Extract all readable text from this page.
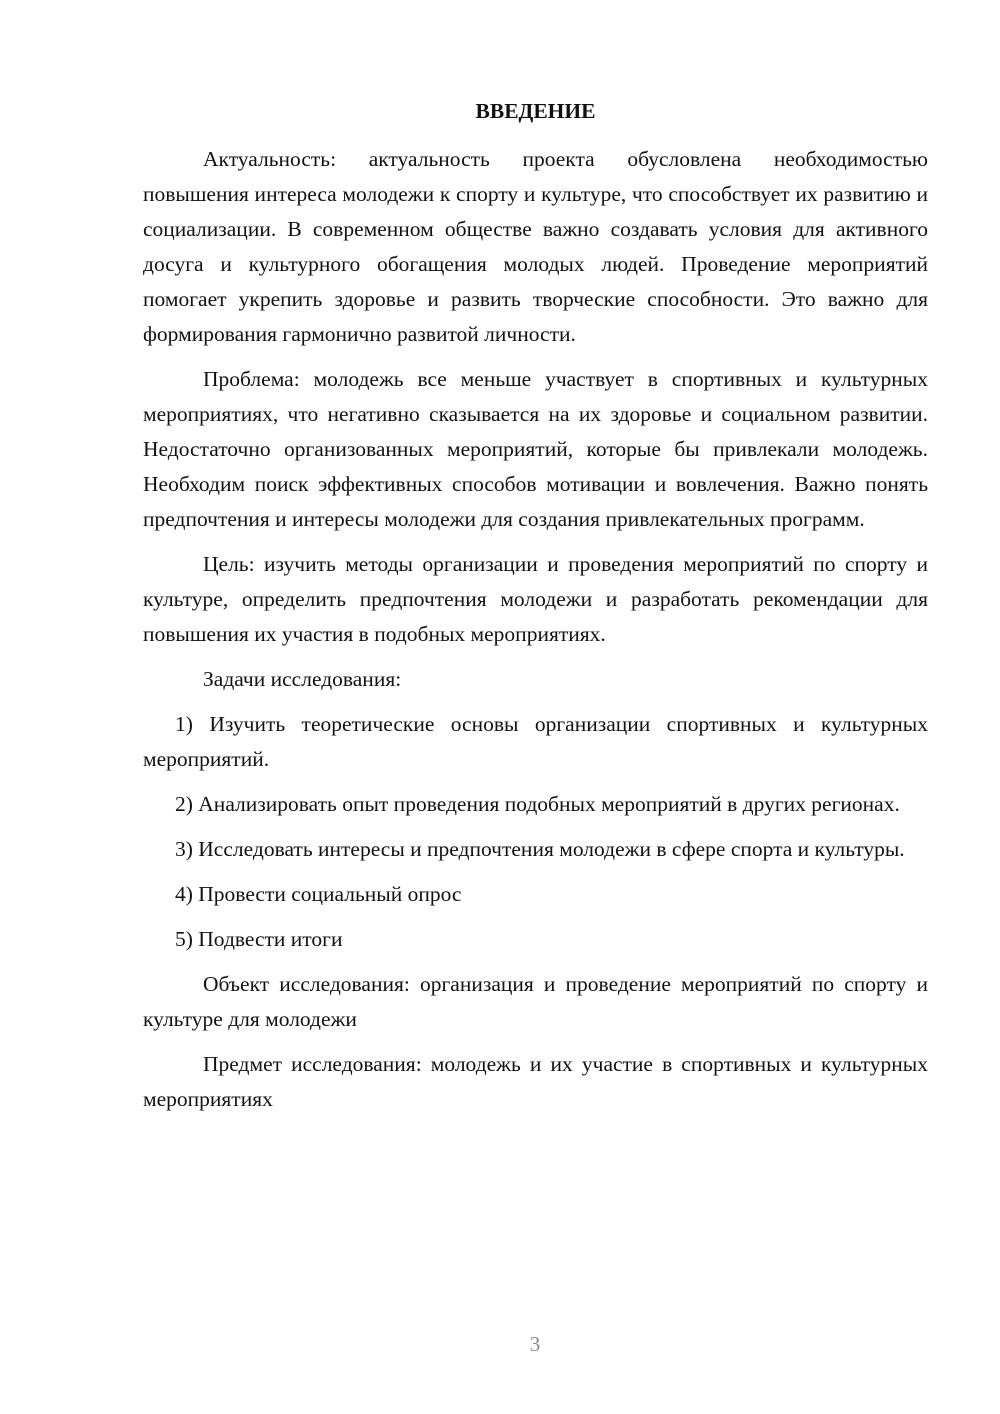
ВВЕДЕНИЕ

Актуальность: актуальность проекта обусловлена необходимостью повышения интереса молодежи к спорту и культуре, что способствует их развитию и социализации. В современном обществе важно создавать условия для активного досуга и культурного обогащения молодых людей. Проведение мероприятий помогает укрепить здоровье и развить творческие способности. Это важно для формирования гармонично развитой личности.

Проблема: молодежь все меньше участвует в спортивных и культурных мероприятиях, что негативно сказывается на их здоровье и социальном развитии. Недостаточно организованных мероприятий, которые бы привлекали молодежь. Необходим поиск эффективных способов мотивации и вовлечения. Важно понять предпочтения и интересы молодежи для создания привлекательных программ.

Цель: изучить методы организации и проведения мероприятий по спорту и культуре, определить предпочтения молодежи и разработать рекомендации для повышения их участия в подобных мероприятиях.

Задачи исследования:

1) Изучить теоретические основы организации спортивных и культурных мероприятий.

2) Анализировать опыт проведения подобных мероприятий в других регионах.

3) Исследовать интересы и предпочтения молодежи в сфере спорта и культуры.

4) Провести социальный опрос

5) Подвести итоги

Объект исследования: организация и проведение мероприятий по спорту и культуре для молодежи

Предмет исследования: молодежь и их участие в спортивных и культурных мероприятиях

3
